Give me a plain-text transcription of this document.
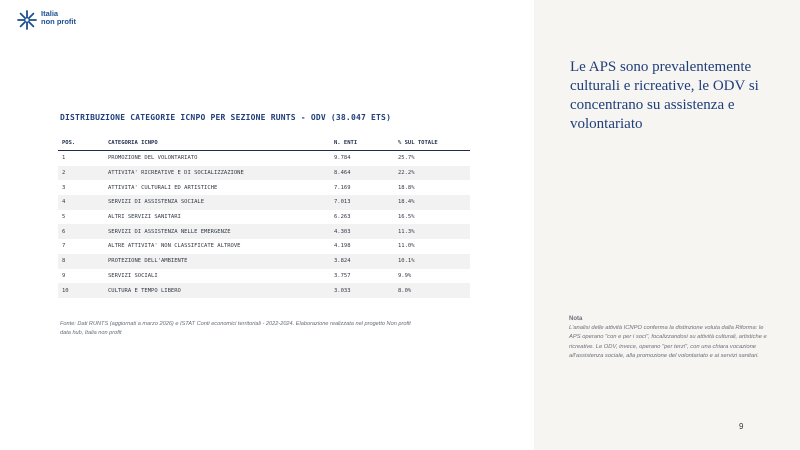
Italia
non profit
DISTRIBUZIONE CATEGORIE ICNPO PER SEZIONE RUNTS - ODV (38.047 ETS)
POS.	CATEGORIA ICNPO	N. ENTI	% SUL TOTALE
1	PROMOZIONE DEL VOLONTARIATO	9.784	25.7%
2	ATTIVITA' RICREATIVE E DI SOCIALIZZAZIONE	8.464	22.2%
3	ATTIVITA' CULTURALI ED ARTISTICHE	7.169	18.8%
4	SERVIZI DI ASSISTENZA SOCIALE	7.013	18.4%
5	ALTRI SERVIZI SANITARI	6.263	16.5%
6	SERVIZI DI ASSISTENZA NELLE EMERGENZE	4.303	11.3%
7	ALTRE ATTIVITA' NON CLASSIFICATE ALTROVE	4.198	11.0%
8	PROTEZIONE DELL'AMBIENTE	3.824	10.1%
9	SERVIZI SOCIALI	3.757	9.9%
10	CULTURA E TEMPO LIBERO	3.033	8.0%
Fonte: Dati RUNTS (aggiornati a marzo 2026) e ISTAT Conti economici territoriali - 2022-2024. Elaborazione realizzata nel progetto Non profit data hub, Italia non profit
Le APS sono prevalentemente culturali e ricreative, le ODV si concentrano su assistenza e volontariato
Nota
L'analisi delle attività ICNPO conferma la distinzione voluta dalla Riforma: le APS operano "con e per i soci", focalizzandosi su attività culturali, artistiche e ricreative. Le ODV, invece, operano "per terzi", con una chiara vocazione all'assistenza sociale, alla promozione del volontariato e ai servizi sanitari.
9
